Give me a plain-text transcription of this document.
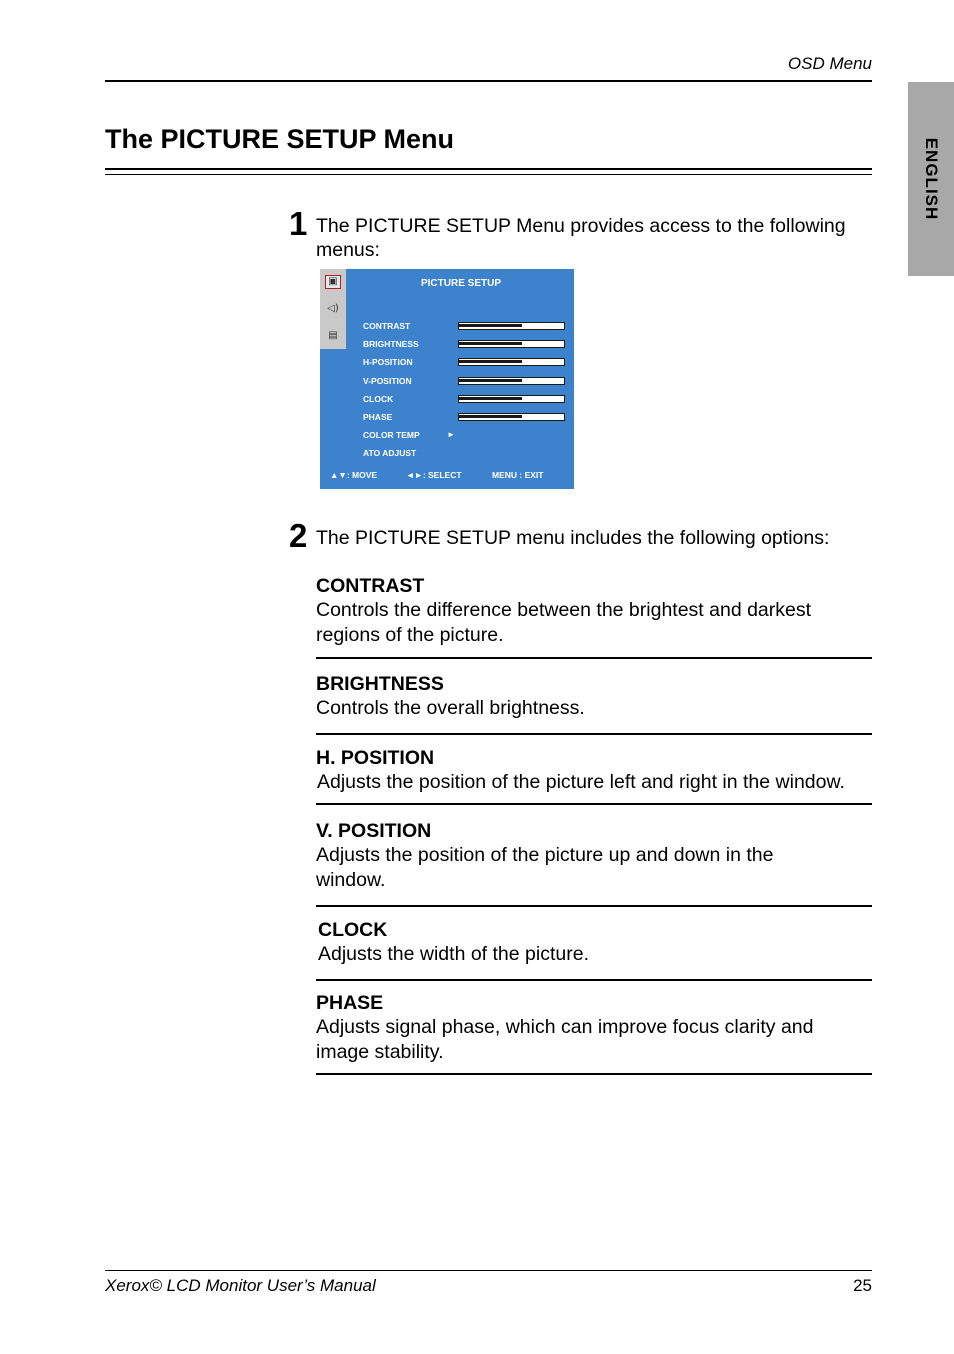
OSD Menu
ENGLISH
The PICTURE SETUP Menu
1 The PICTURE SETUP Menu provides access to the following menus:
▣
◁)
▤
PICTURE SETUP
CONTRAST
BRIGHTNESS
H-POSITION
V-POSITION
CLOCK
PHASE
COLOR TEMP	►
ATO ADJUST
▲▼: MOVE	◄►: SELECT	MENU : EXIT
2 The PICTURE SETUP menu includes the following options:
CONTRAST
Controls the difference between the brightest and darkest regions of the picture.
BRIGHTNESS
Controls the overall brightness.
H. POSITION
Adjusts the position of the picture left and right in the window.
V. POSITION
Adjusts the position of the picture up and down in the window.
CLOCK
Adjusts the width of the picture.
PHASE
Adjusts signal phase, which can improve focus clarity and image stability.
Xerox© LCD Monitor User’s Manual	25
